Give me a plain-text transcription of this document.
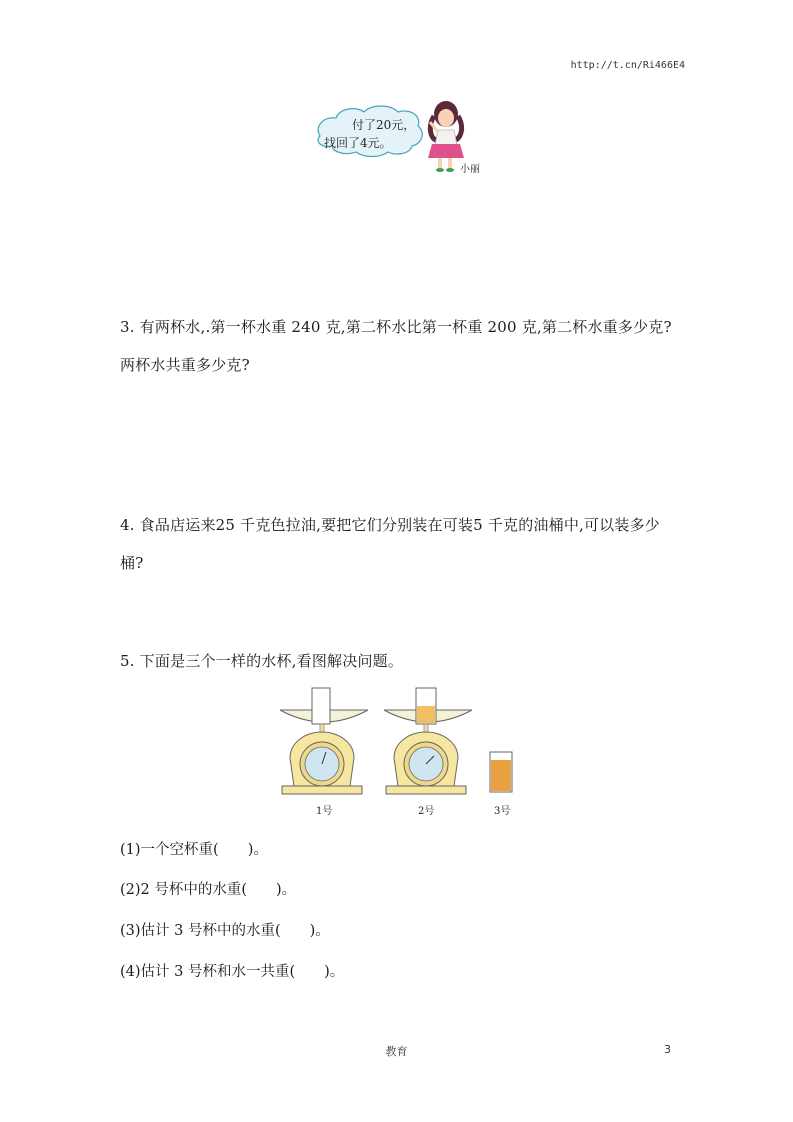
http://t.cn/Ri466E4
付了20元，
找回了4元。
小丽
3. 有两杯水,.第一杯水重 240 克,第二杯水比第一杯重 200 克,第二杯水重多少克?
两杯水共重多少克?
4. 食品店运来25 千克色拉油,要把它们分别装在可装5 千克的油桶中,可以装多少
桶?
5. 下面是三个一样的水杯,看图解决问题。
1号	2号	3号
(1)一个空杯重(　　)。
(2)2 号杯中的水重(　　)。
(3)估计 3 号杯中的水重(　　)。
(4)估计 3 号杯和水一共重(　　)。
教育	3
